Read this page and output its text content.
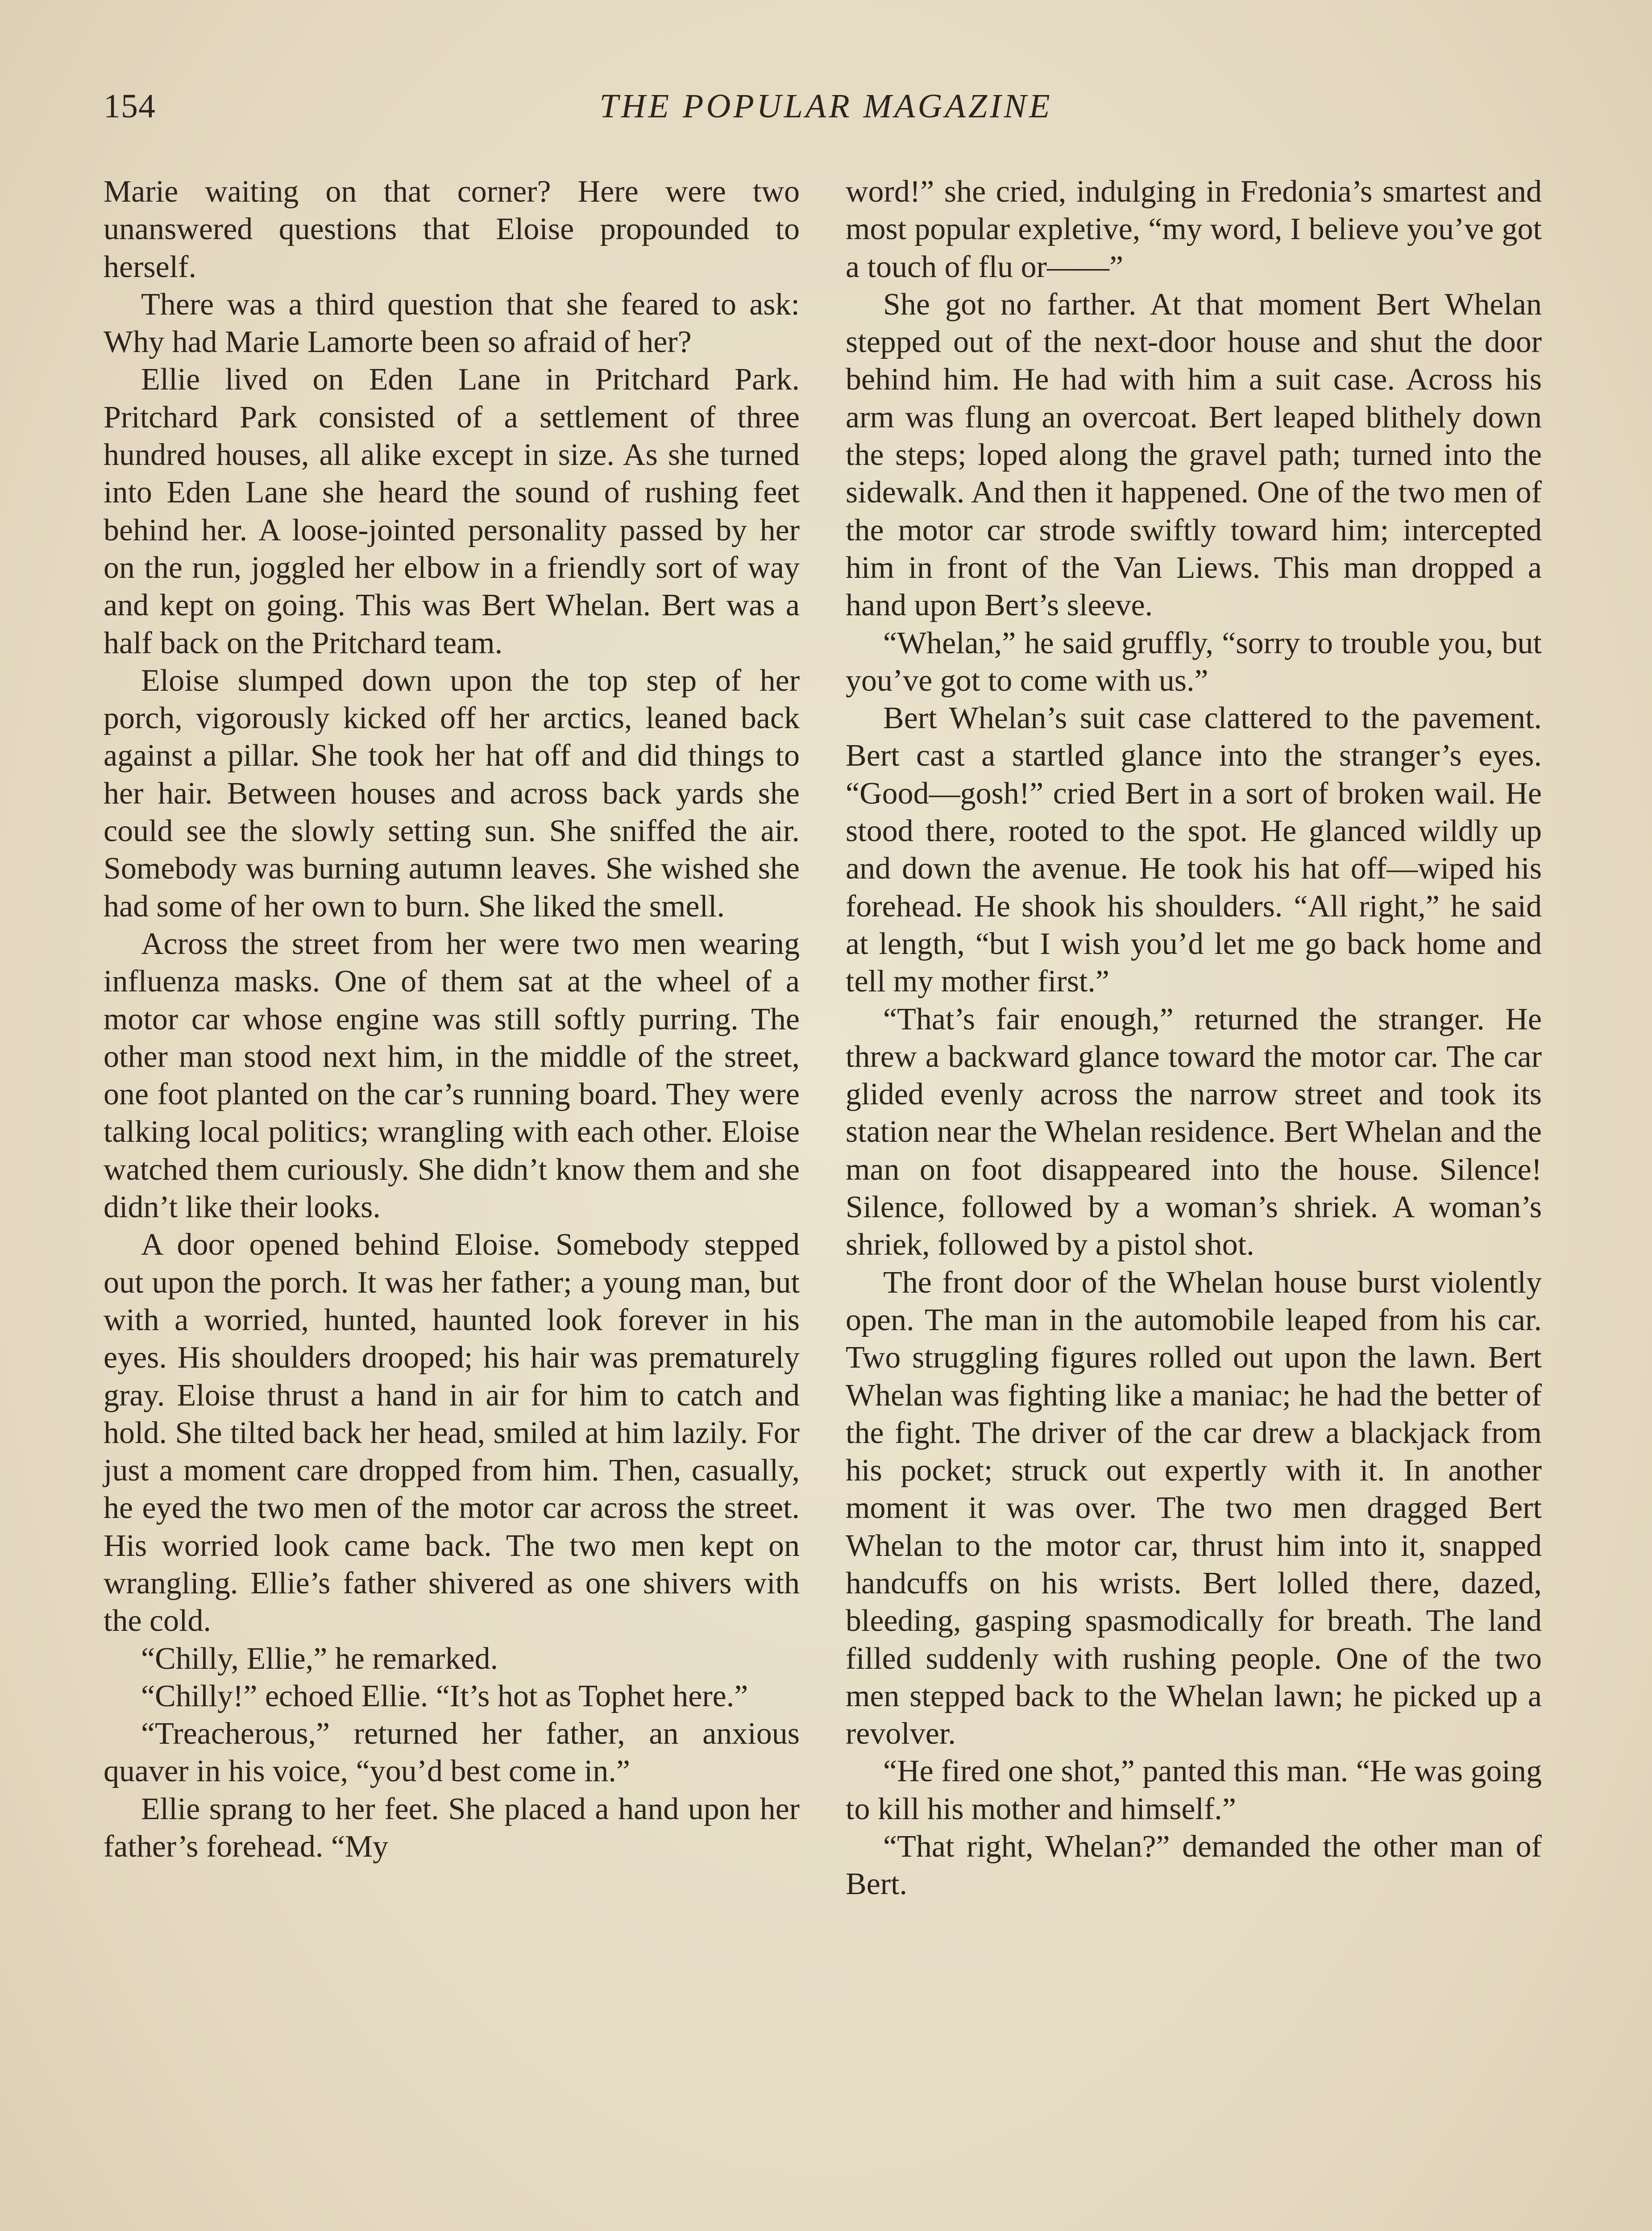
154	THE POPULAR MAGAZINE

Marie waiting on that corner? Here were two unanswered questions that Eloise propounded to herself.

There was a third question that she feared to ask: Why had Marie Lamorte been so afraid of her?

Ellie lived on Eden Lane in Pritchard Park. Pritchard Park consisted of a settlement of three hundred houses, all alike except in size. As she turned into Eden Lane she heard the sound of rushing feet behind her. A loose-jointed personality passed by her on the run, joggled her elbow in a friendly sort of way and kept on going. This was Bert Whelan. Bert was a half back on the Pritchard team.

Eloise slumped down upon the top step of her porch, vigorously kicked off her arctics, leaned back against a pillar. She took her hat off and did things to her hair. Between houses and across back yards she could see the slowly setting sun. She sniffed the air. Somebody was burning autumn leaves. She wished she had some of her own to burn. She liked the smell.

Across the street from her were two men wearing influenza masks. One of them sat at the wheel of a motor car whose engine was still softly purring. The other man stood next him, in the middle of the street, one foot planted on the car’s running board. They were talking local politics; wrangling with each other. Eloise watched them curiously. She didn’t know them and she didn’t like their looks.

A door opened behind Eloise. Somebody stepped out upon the porch. It was her father; a young man, but with a worried, hunted, haunted look forever in his eyes. His shoulders drooped; his hair was prematurely gray. Eloise thrust a hand in air for him to catch and hold. She tilted back her head, smiled at him lazily. For just a moment care dropped from him. Then, casually, he eyed the two men of the motor car across the street. His worried look came back. The two men kept on wrangling. Ellie’s father shivered as one shivers with the cold.

“Chilly, Ellie,” he remarked.

“Chilly!” echoed Ellie. “It’s hot as Tophet here.”

“Treacherous,” returned her father, an anxious quaver in his voice, “you’d best come in.”

Ellie sprang to her feet. She placed a hand upon her father’s forehead. “My

word!” she cried, indulging in Fredonia’s smartest and most popular expletive, “my word, I believe you’ve got a touch of flu or——”

She got no farther. At that moment Bert Whelan stepped out of the next-door house and shut the door behind him. He had with him a suit case. Across his arm was flung an overcoat. Bert leaped blithely down the steps; loped along the gravel path; turned into the sidewalk. And then it happened. One of the two men of the motor car strode swiftly toward him; intercepted him in front of the Van Liews. This man dropped a hand upon Bert’s sleeve.

“Whelan,” he said gruffly, “sorry to trouble you, but you’ve got to come with us.”

Bert Whelan’s suit case clattered to the pavement. Bert cast a startled glance into the stranger’s eyes. “Good—gosh!” cried Bert in a sort of broken wail. He stood there, rooted to the spot. He glanced wildly up and down the avenue. He took his hat off—wiped his forehead. He shook his shoulders. “All right,” he said at length, “but I wish you’d let me go back home and tell my mother first.”

“That’s fair enough,” returned the stranger. He threw a backward glance toward the motor car. The car glided evenly across the narrow street and took its station near the Whelan residence. Bert Whelan and the man on foot disappeared into the house. Silence! Silence, followed by a woman’s shriek. A woman’s shriek, followed by a pistol shot.

The front door of the Whelan house burst violently open. The man in the automobile leaped from his car. Two struggling figures rolled out upon the lawn. Bert Whelan was fighting like a maniac; he had the better of the fight. The driver of the car drew a blackjack from his pocket; struck out expertly with it. In another moment it was over. The two men dragged Bert Whelan to the motor car, thrust him into it, snapped handcuffs on his wrists. Bert lolled there, dazed, bleeding, gasping spasmodically for breath. The land filled suddenly with rushing people. One of the two men stepped back to the Whelan lawn; he picked up a revolver.

“He fired one shot,” panted this man. “He was going to kill his mother and himself.”

“That right, Whelan?” demanded the other man of Bert.
